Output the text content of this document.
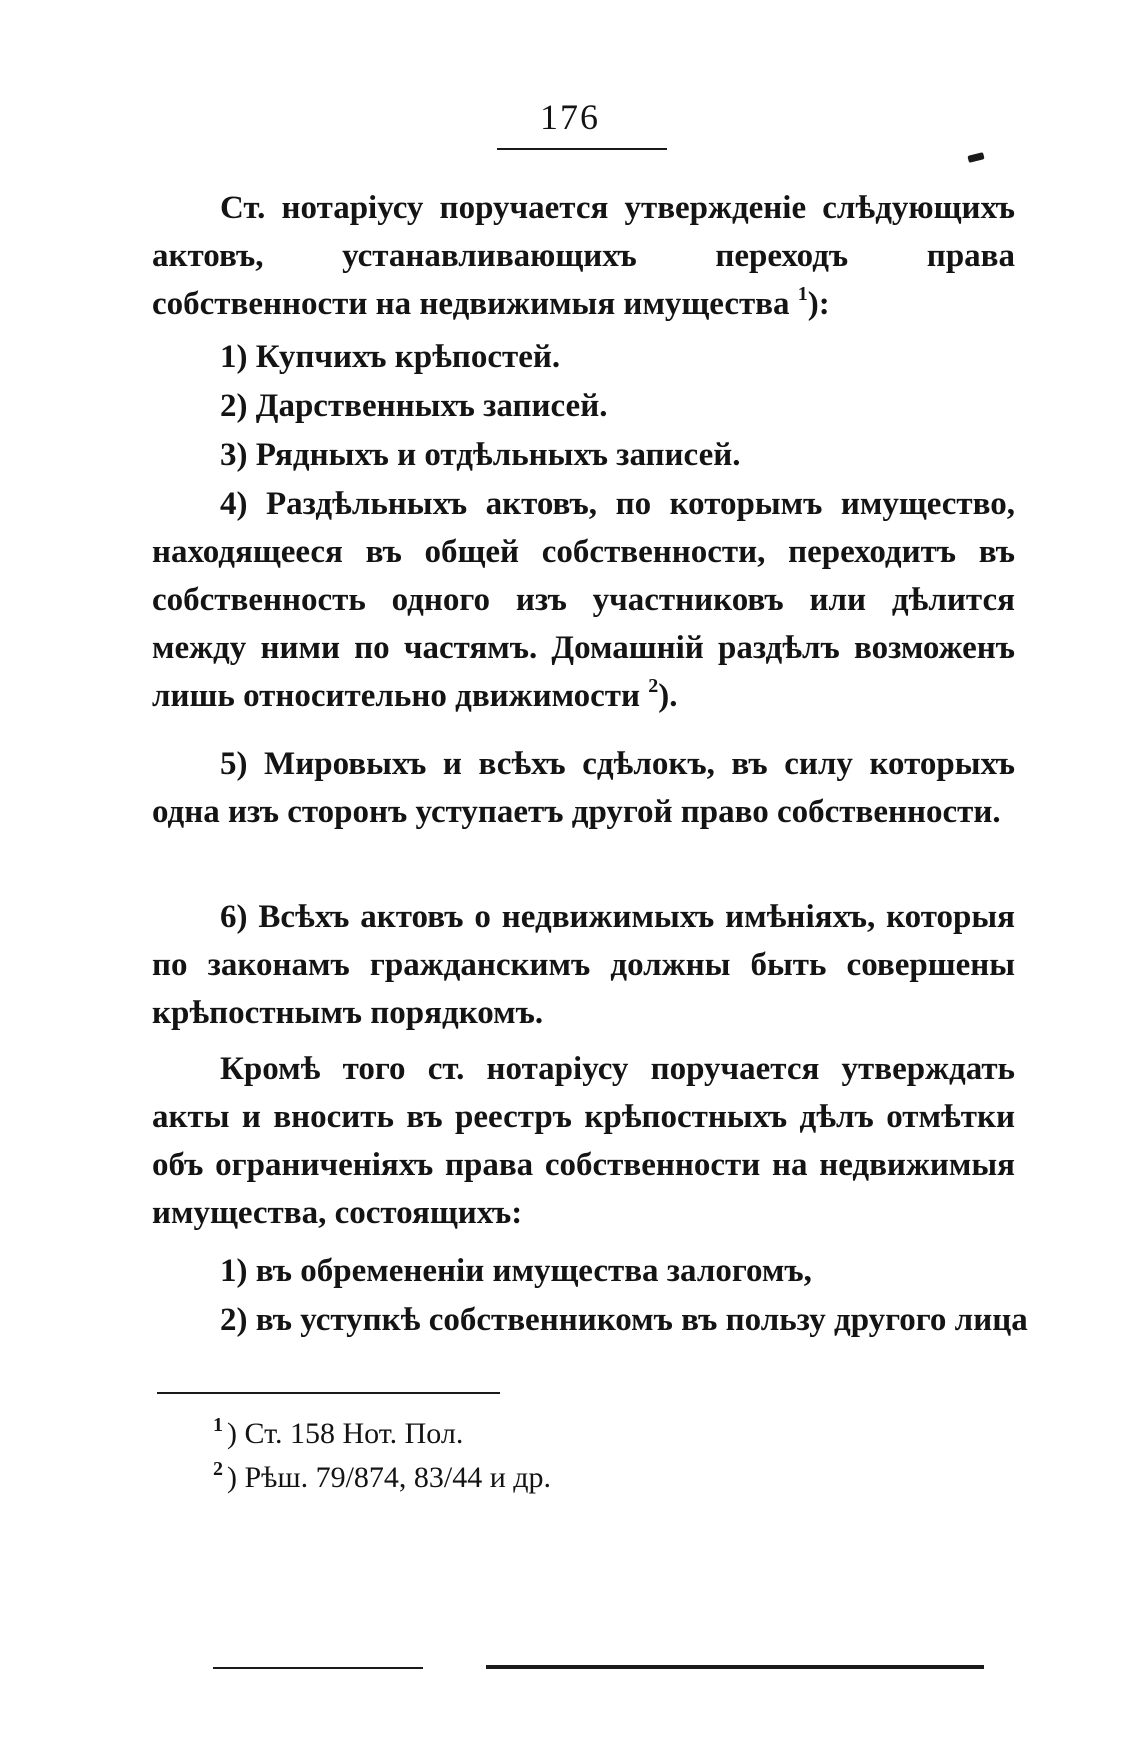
176
Ст. нотаріусу поручается утвержденіе слѣдующихъ актовъ, устанавливающихъ переходъ права собственности на недвижимыя имущества $^1$):
1) Купчихъ крѣпостей.
2) Дарственныхъ записей.
3) Рядныхъ и отдѣльныхъ записей.
4) Раздѣльныхъ актовъ, по которымъ имущество, находящееся въ общей собственности, переходитъ въ собственность одного изъ участниковъ или дѣлится между ними по частямъ. Домашній раздѣлъ возможенъ лишь относительно движимости $^2$).
5) Мировыхъ и всѣхъ сдѣлокъ, въ силу которыхъ одна изъ сторонъ уступаетъ другой право собственности.
6) Всѣхъ актовъ о недвижимыхъ имѣніяхъ, которыя по законамъ гражданскимъ должны быть совершены крѣпостнымъ порядкомъ.
Кромѣ того ст. нотаріусу поручается утверждать акты и вносить въ реестръ крѣпостныхъ дѣлъ отмѣтки объ ограниченіяхъ права собственности на недвижимыя имущества, состоящихъ:
1) въ обремененіи имущества залогомъ,
2) въ уступкѣ собственникомъ въ пользу другого лица
$^1$ ) Ст. 158 Нот. Пол.
$^2$ ) Рѣш. 79/874, 83/44 и др.
